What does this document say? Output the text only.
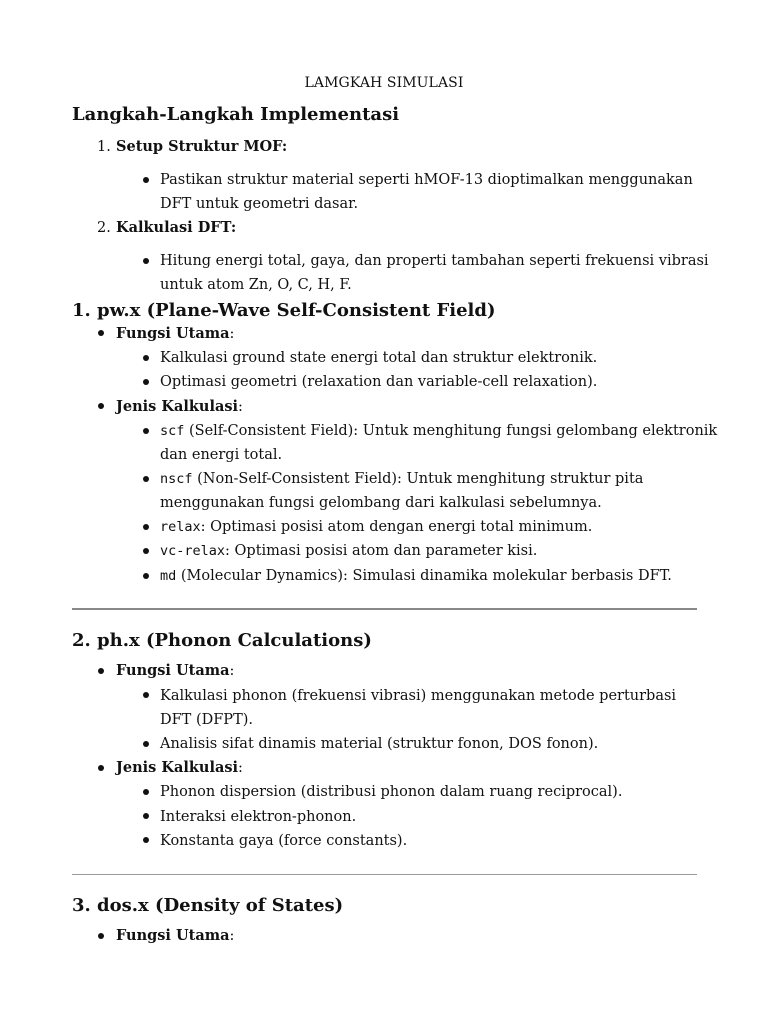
LAMGKAH SIMULASI
Langkah-Langkah Implementasi
1. Setup Struktur MOF:
Pastikan struktur material seperti hMOF-13 dioptimalkan menggunakan
DFT untuk geometri dasar.
2. Kalkulasi DFT:
Hitung energi total, gaya, dan properti tambahan seperti frekuensi vibrasi
untuk atom Zn, O, C, H, F.
1. pw.x (Plane-Wave Self-Consistent Field)
Fungsi Utama:
Kalkulasi ground state energi total dan struktur elektronik.
Optimasi geometri (relaxation dan variable-cell relaxation).
Jenis Kalkulasi:
scf (Self-Consistent Field): Untuk menghitung fungsi gelombang elektronik
dan energi total.
nscf (Non-Self-Consistent Field): Untuk menghitung struktur pita
menggunakan fungsi gelombang dari kalkulasi sebelumnya.
relax: Optimasi posisi atom dengan energi total minimum.
vc-relax: Optimasi posisi atom dan parameter kisi.
md (Molecular Dynamics): Simulasi dinamika molekular berbasis DFT.
2. ph.x (Phonon Calculations)
Fungsi Utama:
Kalkulasi phonon (frekuensi vibrasi) menggunakan metode perturbasi
DFT (DFPT).
Analisis sifat dinamis material (struktur fonon, DOS fonon).
Jenis Kalkulasi:
Phonon dispersion (distribusi phonon dalam ruang reciprocal).
Interaksi elektron-phonon.
Konstanta gaya (force constants).
3. dos.x (Density of States)
Fungsi Utama:
